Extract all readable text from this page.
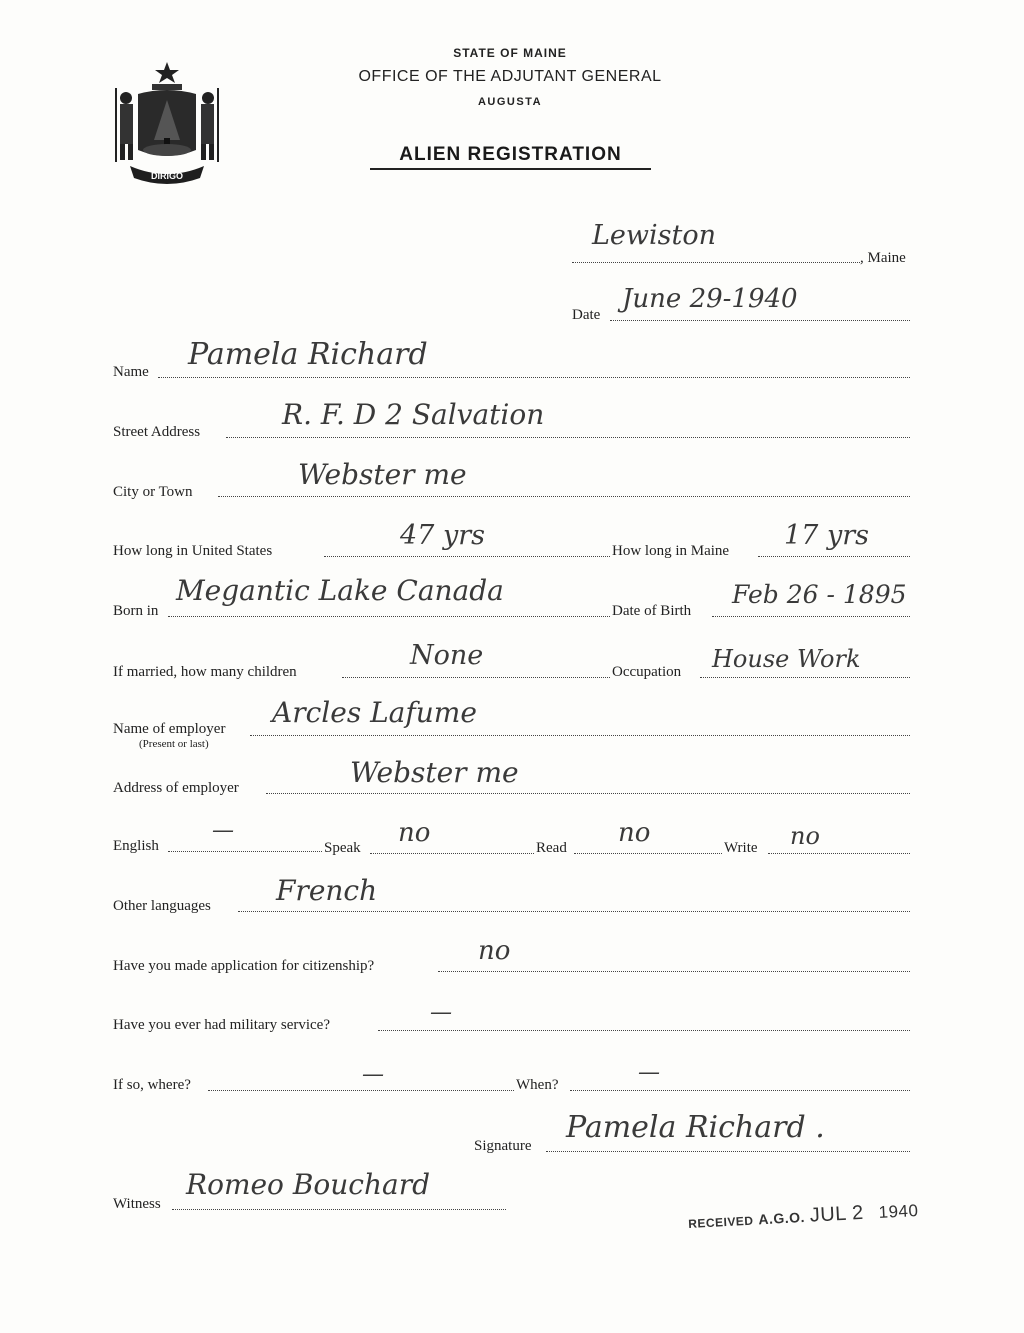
DIRIGO
STATE OF MAINE
OFFICE OF THE ADJUTANT GENERAL
AUGUSTA
ALIEN REGISTRATION
Lewiston
, Maine
Date
June 29-1940
Name Pamela Richard
Street Address
R. F. D 2 Salvation
City or Town
Webster me
How long in United States	47 yrs	How long in Maine 17 yrs
Born in
Megantic Lake Canada
Date of Birth
Feb 26 - 1895
If married, how many children
None
Occupation House Work
Name of employer
(Present or last)
Arcles Lafume
Address of employer	Webster me
English
—
Speak no	Read no	Write no
Other languages French
Have you made application for citizenship?	no
Have you ever had military service?	—
If so, where?	—	When?	—
Signature
Pamela Richard .
Witness
Romeo Bouchard
RECEIVED A.G.O. JUL 2 1940
